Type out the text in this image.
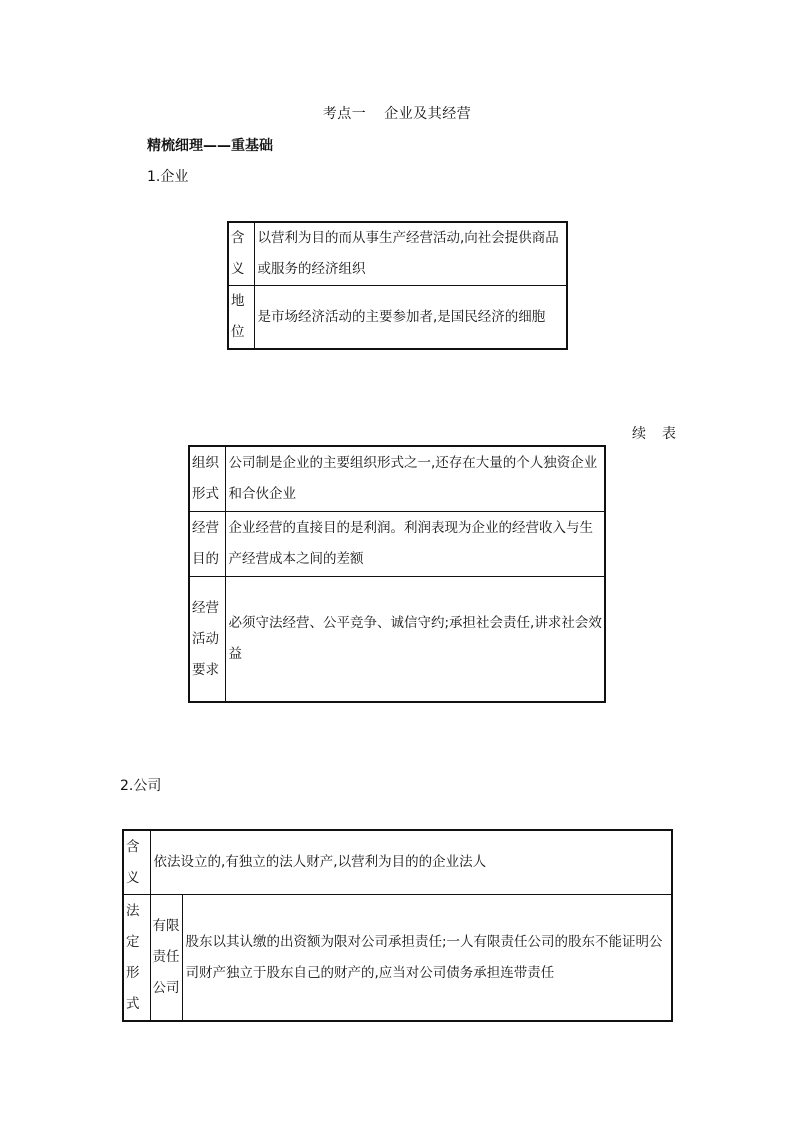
考点一 企业及其经营
精梳细理——重基础
1.企业
含义	以营利为目的而从事生产经营活动,向社会提供商品或服务的经济组织
地位	是市场经济活动的主要参加者,是国民经济的细胞
续 表
组织形式	公司制是企业的主要组织形式之一,还存在大量的个人独资企业和合伙企业
经营目的	企业经营的直接目的是利润。利润表现为企业的经营收入与生产经营成本之间的差额
经营活动要求	必须守法经营、公平竞争、诚信守约;承担社会责任,讲求社会效益
2.公司
含义	依法设立的,有独立的法人财产,以营利为目的的企业法人	
法定形式	有限责任公司	股东以其认缴的出资额为限对公司承担责任;一人有限责任公司的股东不能证明公司财产独立于股东自己的财产的,应当对公司债务承担连带责任
